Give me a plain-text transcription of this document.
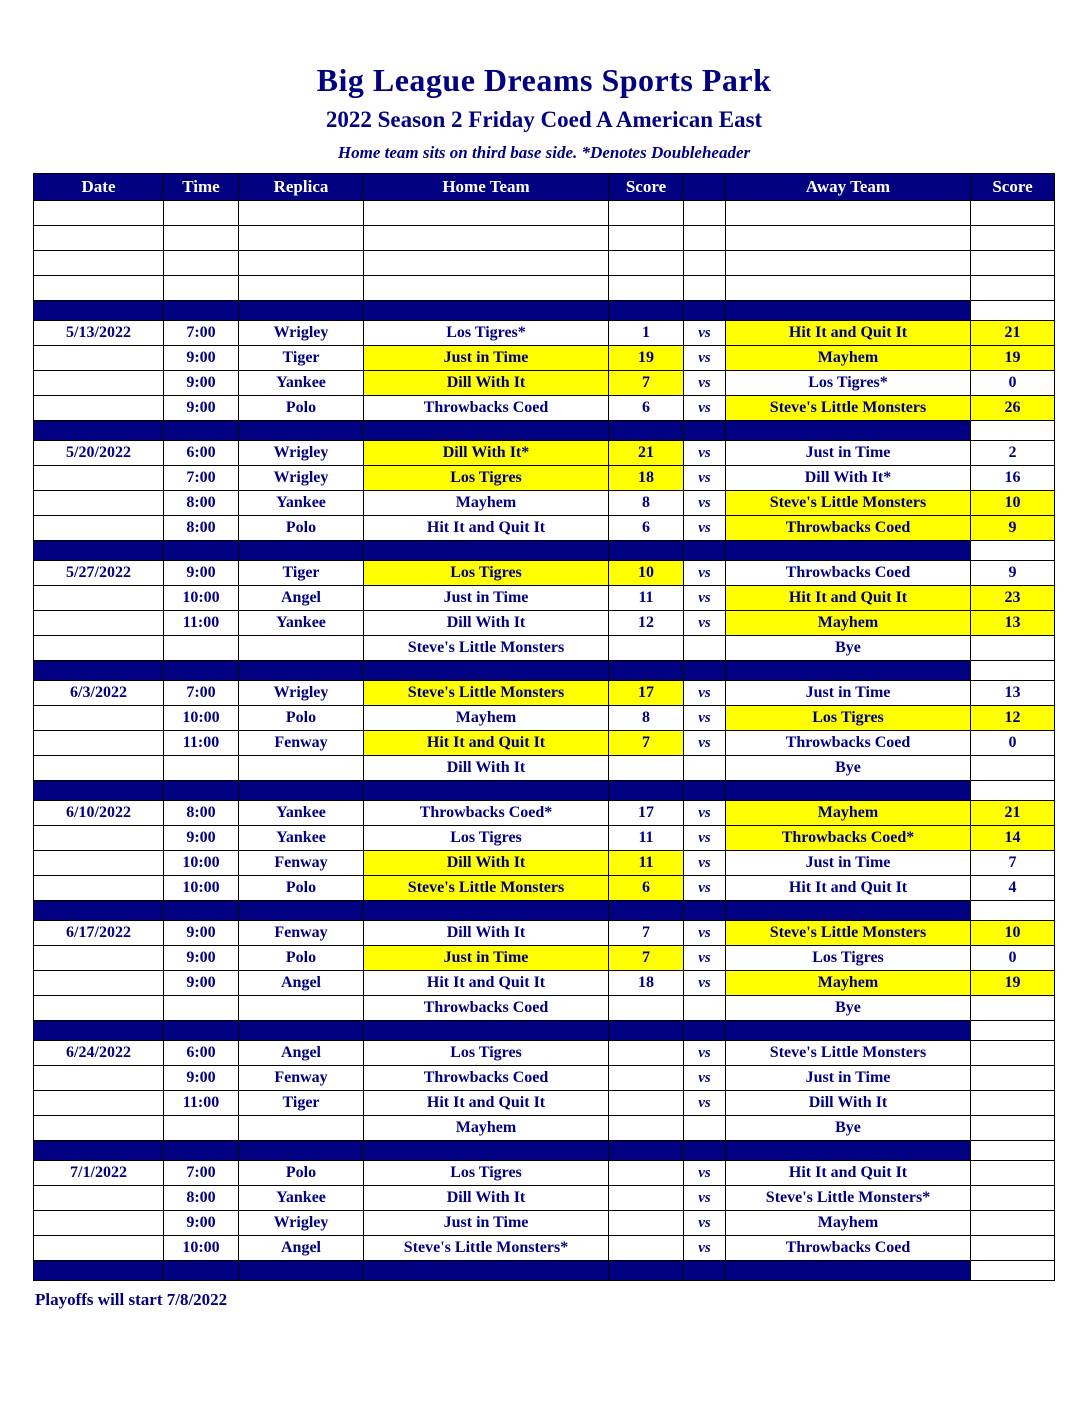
Big League Dreams Sports Park
2022 Season 2 Friday Coed A American East
Home team sits on third base side. *Denotes Doubleheader
Date	Time	Replica	Home Team	Score		Away Team	Score

5/13/2022	7:00	Wrigley	Los Tigres*	1	vs	Hit It and Quit It	21
	9:00	Tiger	Just in Time	19	vs	Mayhem	19
	9:00	Yankee	Dill With It	7	vs	Los Tigres*	0
	9:00	Polo	Throwbacks Coed	6	vs	Steve's Little Monsters	26

5/20/2022	6:00	Wrigley	Dill With It*	21	vs	Just in Time	2
	7:00	Wrigley	Los Tigres	18	vs	Dill With It*	16
	8:00	Yankee	Mayhem	8	vs	Steve's Little Monsters	10
	8:00	Polo	Hit It and Quit It	6	vs	Throwbacks Coed	9

5/27/2022	9:00	Tiger	Los Tigres	10	vs	Throwbacks Coed	9
	10:00	Angel	Just in Time	11	vs	Hit It and Quit It	23
	11:00	Yankee	Dill With It	12	vs	Mayhem	13
			Steve's Little Monsters			Bye	

6/3/2022	7:00	Wrigley	Steve's Little Monsters	17	vs	Just in Time	13
	10:00	Polo	Mayhem	8	vs	Los Tigres	12
	11:00	Fenway	Hit It and Quit It	7	vs	Throwbacks Coed	0
			Dill With It			Bye	

6/10/2022	8:00	Yankee	Throwbacks Coed*	17	vs	Mayhem	21
	9:00	Yankee	Los Tigres	11	vs	Throwbacks Coed*	14
	10:00	Fenway	Dill With It	11	vs	Just in Time	7
	10:00	Polo	Steve's Little Monsters	6	vs	Hit It and Quit It	4

6/17/2022	9:00	Fenway	Dill With It	7	vs	Steve's Little Monsters	10
	9:00	Polo	Just in Time	7	vs	Los Tigres	0
	9:00	Angel	Hit It and Quit It	18	vs	Mayhem	19
			Throwbacks Coed			Bye	

6/24/2022	6:00	Angel	Los Tigres		vs	Steve's Little Monsters	
	9:00	Fenway	Throwbacks Coed		vs	Just in Time	
	11:00	Tiger	Hit It and Quit It		vs	Dill With It	
			Mayhem			Bye	

7/1/2022	7:00	Polo	Los Tigres		vs	Hit It and Quit It	
	8:00	Yankee	Dill With It		vs	Steve's Little Monsters*	
	9:00	Wrigley	Just in Time		vs	Mayhem	
	10:00	Angel	Steve's Little Monsters*		vs	Throwbacks Coed	

Playoffs will start 7/8/2022
